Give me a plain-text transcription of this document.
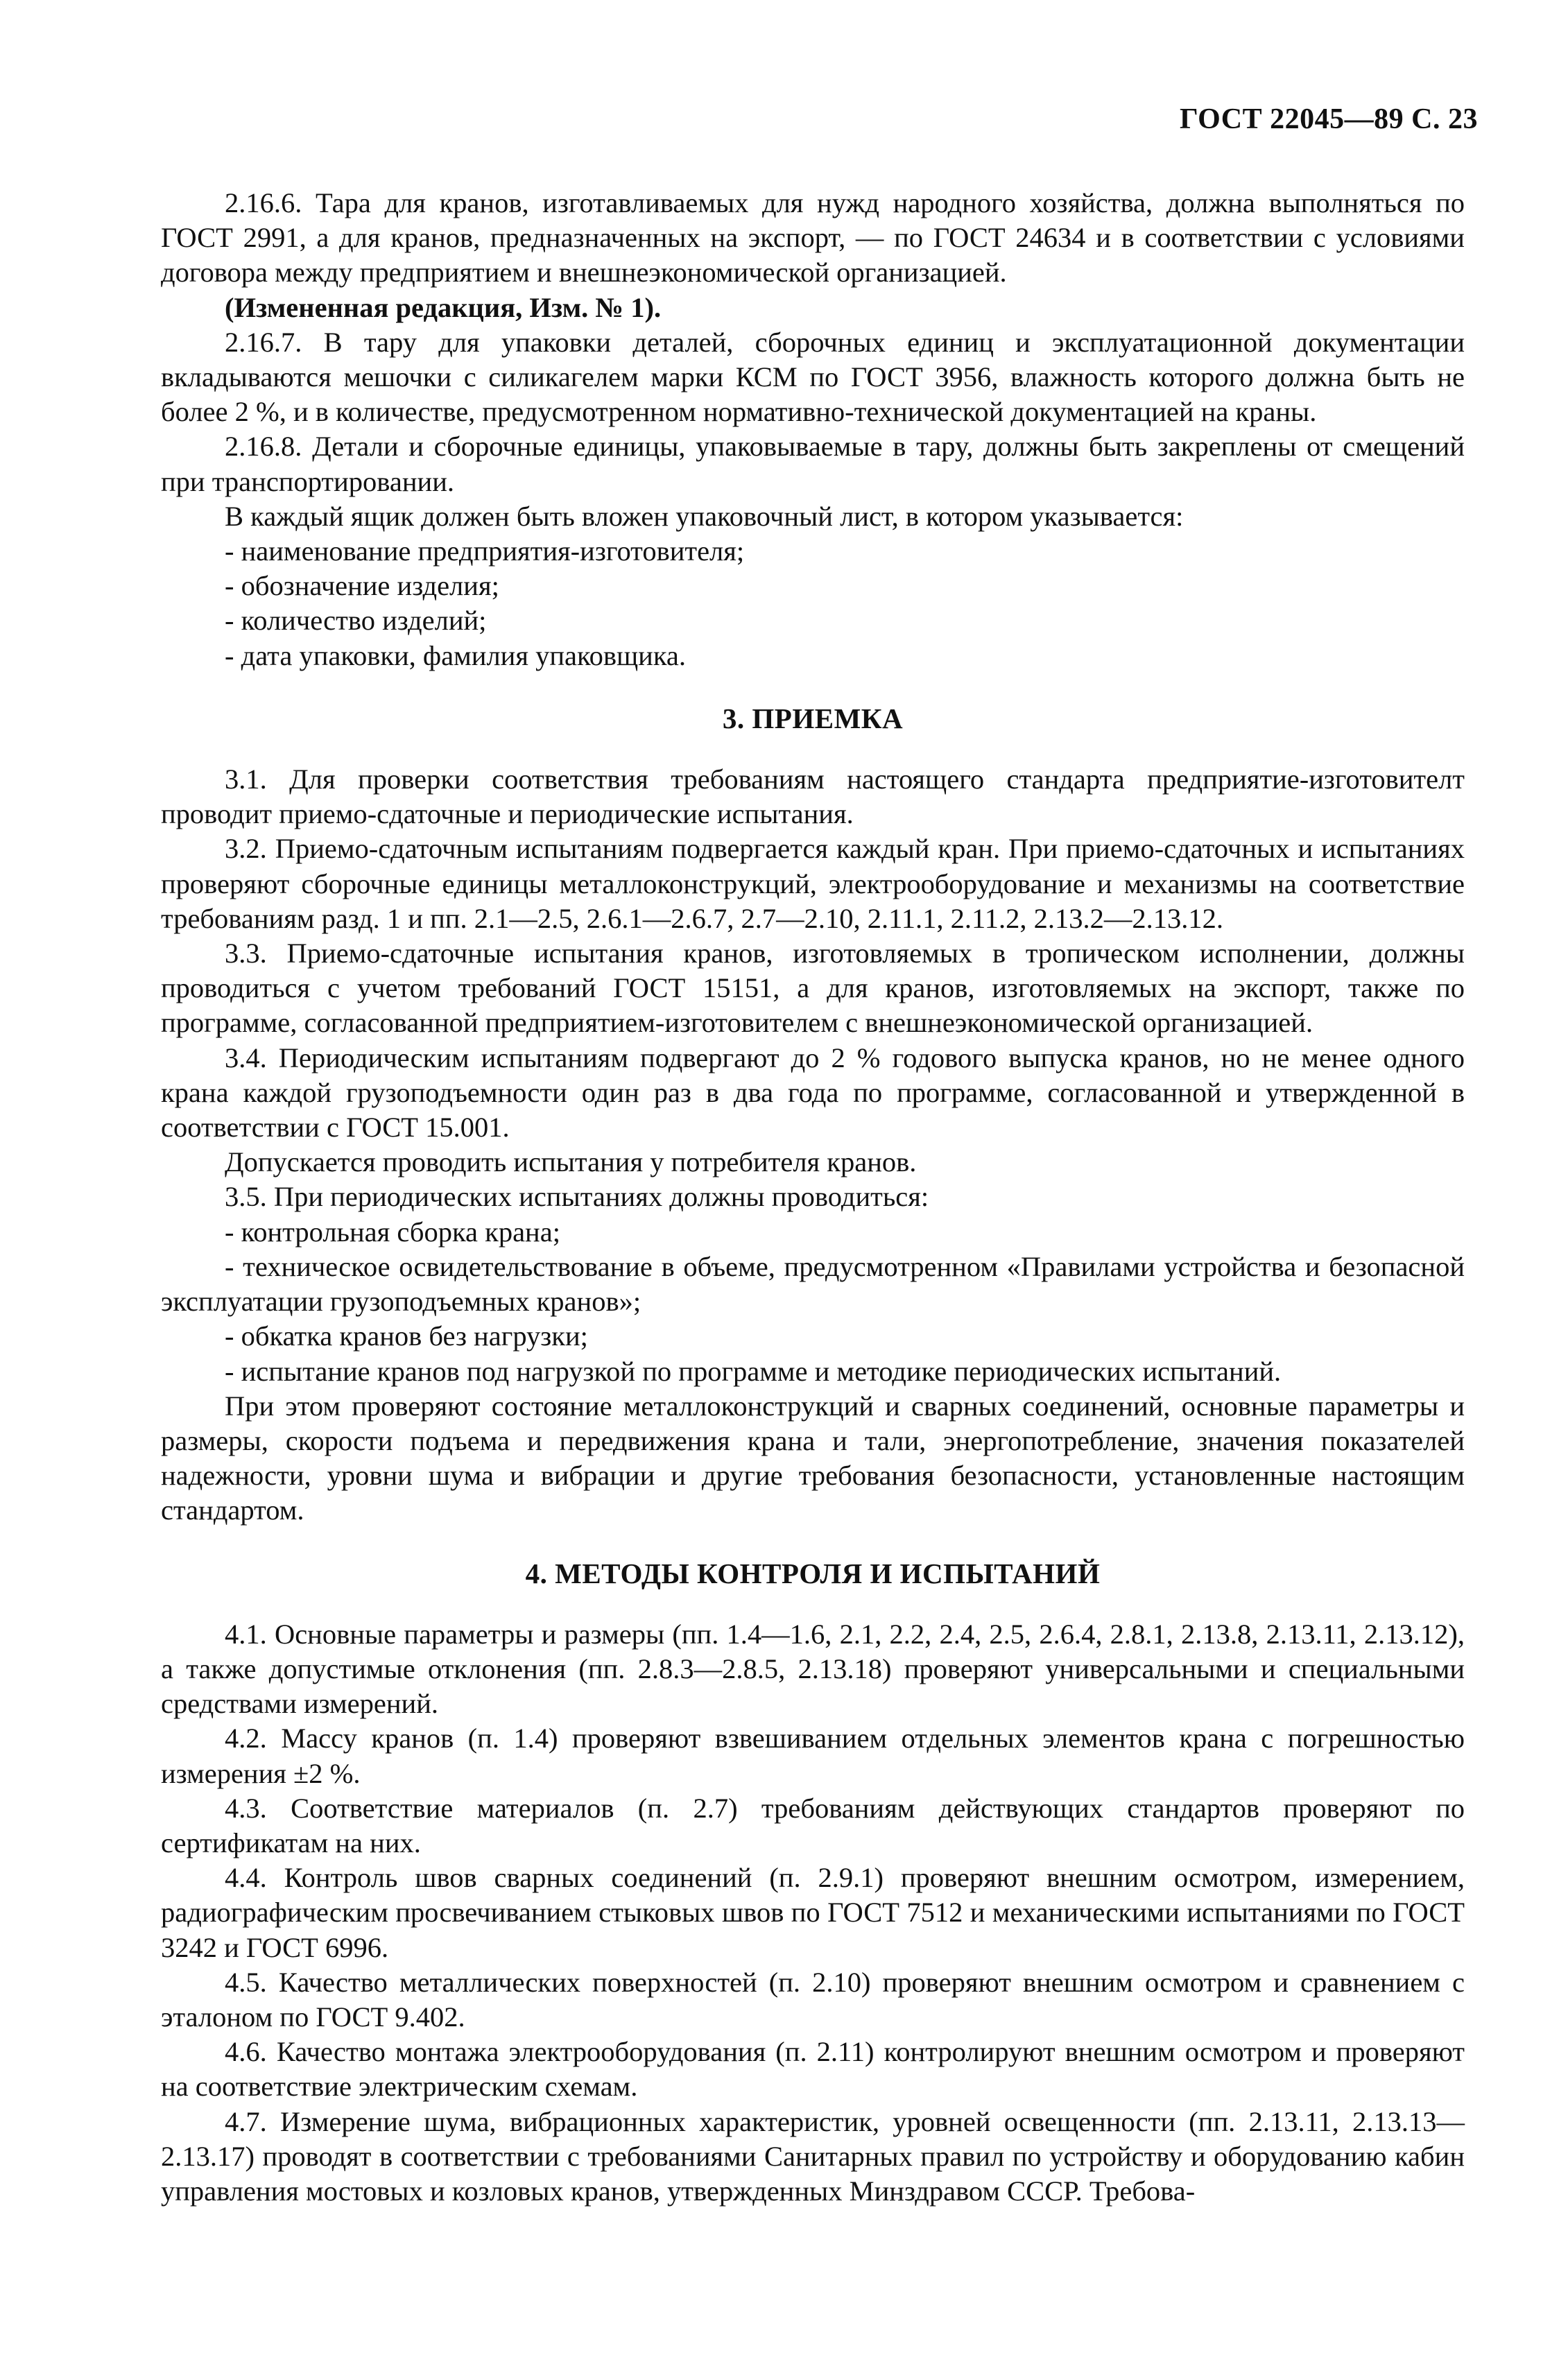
ГОСТ 22045—89 С. 23

2.16.6. Тара для кранов, изготавливаемых для нужд народного хозяйства, должна выполняться по ГОСТ 2991, а для кранов, предназначенных на экспорт, — по ГОСТ 24634 и в соответствии с условиями договора между предприятием и внешнеэкономической организацией.

(Измененная редакция, Изм. № 1).

2.16.7. В тару для упаковки деталей, сборочных единиц и эксплуатационной документации вкладываются мешочки с силикагелем марки КСМ по ГОСТ 3956, влажность которого должна быть не более 2 %, и в количестве, предусмотренном нормативно-технической документацией на краны.

2.16.8. Детали и сборочные единицы, упаковываемые в тару, должны быть закреплены от смещений при транспортировании.

В каждый ящик должен быть вложен упаковочный лист, в котором указывается:

- наименование предприятия-изготовителя;

- обозначение изделия;

- количество изделий;

- дата упаковки, фамилия упаковщика.

3. ПРИЕМКА

3.1. Для проверки соответствия требованиям настоящего стандарта предприятие-изготовителт проводит приемо-сдаточные и периодические испытания.

3.2. Приемо-сдаточным испытаниям подвергается каждый кран. При приемо-сдаточных и испытаниях проверяют сборочные единицы металлоконструкций, электрооборудование и механизмы на соответствие требованиям разд. 1 и пп. 2.1—2.5, 2.6.1—2.6.7, 2.7—2.10, 2.11.1, 2.11.2, 2.13.2—2.13.12.

3.3. Приемо-сдаточные испытания кранов, изготовляемых в тропическом исполнении, должны проводиться с учетом требований ГОСТ 15151, а для кранов, изготовляемых на экспорт, также по программе, согласованной предприятием-изготовителем с внешнеэкономической организацией.

3.4. Периодическим испытаниям подвергают до 2 % годового выпуска кранов, но не менее одного крана каждой грузоподъемности один раз в два года по программе, согласованной и утвержденной в соответствии с ГОСТ 15.001.

Допускается проводить испытания у потребителя кранов.

3.5. При периодических испытаниях должны проводиться:

- контрольная сборка крана;

- техническое освидетельствование в объеме, предусмотренном «Правилами устройства и безопасной эксплуатации грузоподъемных кранов»;

- обкатка кранов без нагрузки;

- испытание кранов под нагрузкой по программе и методике периодических испытаний.

При этом проверяют состояние металлоконструкций и сварных соединений, основные параметры и размеры, скорости подъема и передвижения крана и тали, энергопотребление, значения показателей надежности, уровни шума и вибрации и другие требования безопасности, установленные настоящим стандартом.

4. МЕТОДЫ КОНТРОЛЯ И ИСПЫТАНИЙ

4.1. Основные параметры и размеры (пп. 1.4—1.6, 2.1, 2.2, 2.4, 2.5, 2.6.4, 2.8.1, 2.13.8, 2.13.11, 2.13.12), а также допустимые отклонения (пп. 2.8.3—2.8.5, 2.13.18) проверяют универсальными и специальными средствами измерений.

4.2. Массу кранов (п. 1.4) проверяют взвешиванием отдельных элементов крана с погрешностью измерения ±2 %.

4.3. Соответствие материалов (п. 2.7) требованиям действующих стандартов проверяют по сертификатам на них.

4.4. Контроль швов сварных соединений (п. 2.9.1) проверяют внешним осмотром, измерением, радиографическим просвечиванием стыковых швов по ГОСТ 7512 и механическими испытаниями по ГОСТ 3242 и ГОСТ 6996.

4.5. Качество металлических поверхностей (п. 2.10) проверяют внешним осмотром и сравнением с эталоном по ГОСТ 9.402.

4.6. Качество монтажа электрооборудования (п. 2.11) контролируют внешним осмотром и проверяют на соответствие электрическим схемам.

4.7. Измерение шума, вибрационных характеристик, уровней освещенности (пп. 2.13.11, 2.13.13—2.13.17) проводят в соответствии с требованиями Санитарных правил по устройству и оборудованию кабин управления мостовых и козловых кранов, утвержденных Минздравом СССР. Требова-
